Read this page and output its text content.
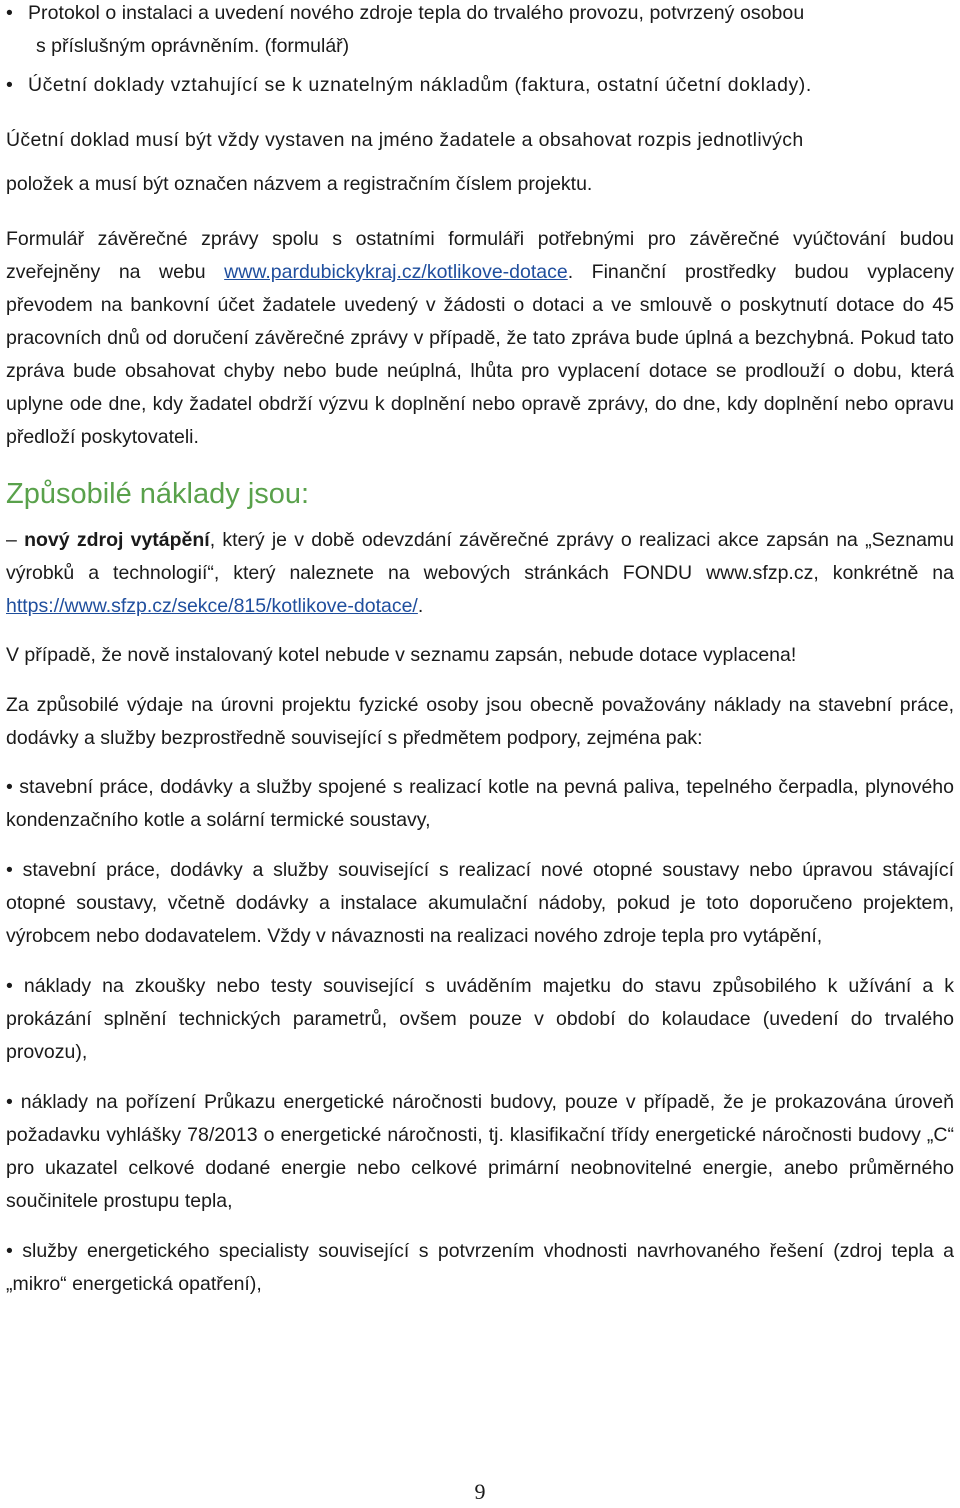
• Protokol o instalaci a uvedení nového zdroje tepla do trvalého provozu, potvrzený osobou
s příslušným oprávněním. (formulář)
• Účetní doklady vztahující se k uznatelným nákladům (faktura, ostatní účetní doklady).
Účetní doklad musí být vždy vystaven na jméno žadatele a obsahovat rozpis jednotlivých
položek a musí být označen názvem a registračním číslem projektu.

Formulář závěrečné zprávy spolu s ostatními formuláři potřebnými pro závěrečné vyúčtování budou zveřejněny na webu www.pardubickykraj.cz/kotlikove-dotace. Finanční prostředky budou vyplaceny převodem na bankovní účet žadatele uvedený v žádosti o dotaci a ve smlouvě o poskytnutí dotace do 45 pracovních dnů od doručení závěrečné zprávy v případě, že tato zpráva bude úplná a bezchybná. Pokud tato zpráva bude obsahovat chyby nebo bude neúplná, lhůta pro vyplacení dotace se prodlouží o dobu, která uplyne ode dne, kdy žadatel obdrží výzvu k doplnění nebo opravě zprávy, do dne, kdy doplnění nebo opravu předloží poskytovateli.

Způsobilé náklady jsou:

– nový zdroj vytápění, který je v době odevzdání závěrečné zprávy o realizaci akce zapsán na „Seznamu výrobků a technologií“, který naleznete na webových stránkách FONDU www.sfzp.cz, konkrétně na https://www.sfzp.cz/sekce/815/kotlikove-dotace/.

V případě, že nově instalovaný kotel nebude v seznamu zapsán, nebude dotace vyplacena!

Za způsobilé výdaje na úrovni projektu fyzické osoby jsou obecně považovány náklady na stavební práce, dodávky a služby bezprostředně související s předmětem podpory, zejména pak:

• stavební práce, dodávky a služby spojené s realizací kotle na pevná paliva, tepelného čerpadla, plynového kondenzačního kotle a solární termické soustavy,

• stavební práce, dodávky a služby související s realizací nové otopné soustavy nebo úpravou stávající otopné soustavy, včetně dodávky a instalace akumulační nádoby, pokud je toto doporučeno projektem, výrobcem nebo dodavatelem. Vždy v návaznosti na realizaci nového zdroje tepla pro vytápění,

• náklady na zkoušky nebo testy související s uváděním majetku do stavu způsobilého k užívání a k prokázání splnění technických parametrů, ovšem pouze v období do kolaudace (uvedení do trvalého provozu),

• náklady na pořízení Průkazu energetické náročnosti budovy, pouze v případě, že je prokazována úroveň požadavku vyhlášky 78/2013 o energetické náročnosti, tj. klasifikační třídy energetické náročnosti budovy „C“ pro ukazatel celkové dodané energie nebo celkové primární neobnovitelné energie, anebo průměrného součinitele prostupu tepla,

• služby energetického specialisty související s potvrzením vhodnosti navrhovaného řešení (zdroj tepla a „mikro“ energetická opatření),

9
